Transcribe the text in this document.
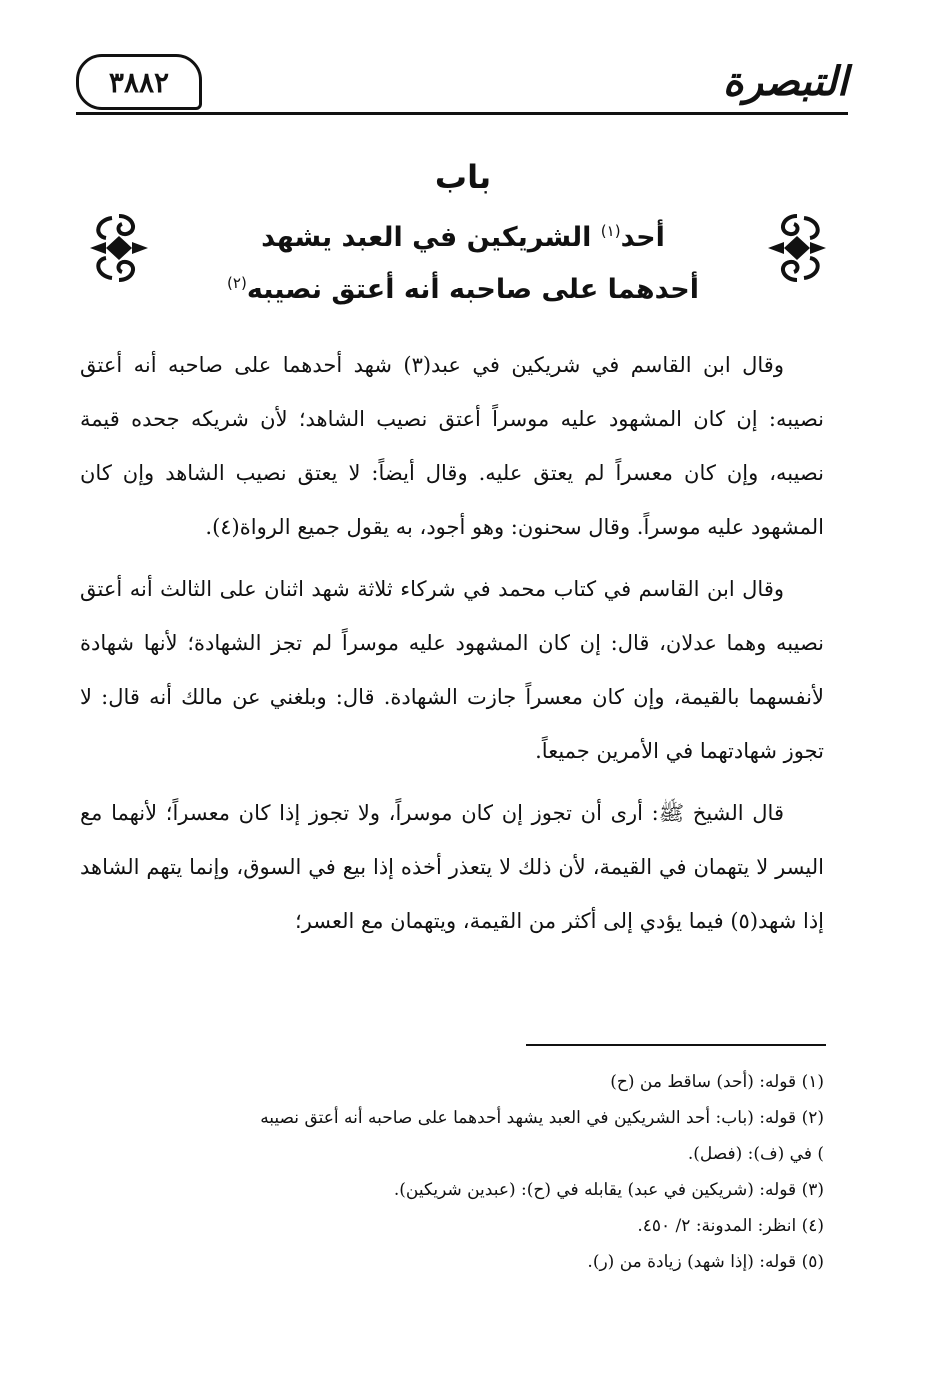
التبصرة
٣٨٨٢
باب
أحد$^{(١)}$ الشريكين في العبد يشهد
أحدهما على صاحبه أنه أعتق نصيبه$^{(٢)}$

وقال ابن القاسم في شريكين في عبد(٣) شهد أحدهما على صاحبه أنه أعتق نصيبه: إن كان المشهود عليه موسراً أعتق نصيب الشاهد؛ لأن شريكه جحده قيمة نصيبه، وإن كان معسراً لم يعتق عليه. وقال أيضاً: لا يعتق نصيب الشاهد وإن كان المشهود عليه موسراً. وقال سحنون: وهو أجود، به يقول جميع الرواة(٤).

وقال ابن القاسم في كتاب محمد في شركاء ثلاثة شهد اثنان على الثالث أنه أعتق نصيبه وهما عدلان، قال: إن كان المشهود عليه موسراً لم تجز الشهادة؛ لأنها شهادة لأنفسهما بالقيمة، وإن كان معسراً جازت الشهادة. قال: وبلغني عن مالك أنه قال: لا تجوز شهادتهما في الأمرين جميعاً.

قال الشيخ ﷺ: أرى أن تجوز إن كان موسراً، ولا تجوز إذا كان معسراً؛ لأنهما مع اليسر لا يتهمان في القيمة، لأن ذلك لا يتعذر أخذه إذا بيع في السوق، وإنما يتهم الشاهد إذا شهد(٥) فيما يؤدي إلى أكثر من القيمة، ويتهمان مع العسر؛

(١) قوله: (أحد) ساقط من (ح)
(٢) قوله: (باب: أحد الشريكين في العبد يشهد أحدهما على صاحبه أنه أعتق نصيبه
) في (ف): (فصل).
(٣) قوله: (شريكين في عبد) يقابله في (ح): (عبدين شريكين).
(٤) انظر: المدونة: ٢/ ٤٥٠.
(٥) قوله: (إذا شهد) زيادة من (ر).
